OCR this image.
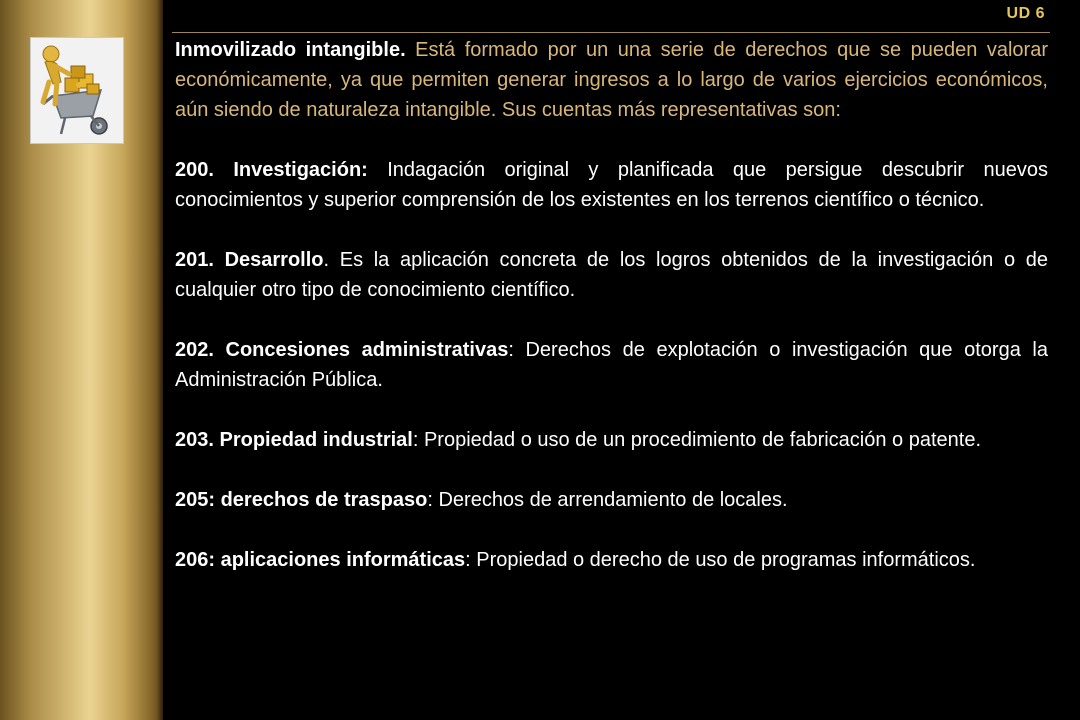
UD 6

Inmovilizado intangible. Está formado por un una serie de derechos que se pueden valorar económicamente, ya que permiten generar ingresos a lo largo de varios ejercicios económicos, aún siendo de naturaleza intangible. Sus cuentas más representativas son:

200. Investigación: Indagación original y planificada que persigue descubrir nuevos conocimientos y superior comprensión de los existentes en los terrenos científico o técnico.

201. Desarrollo. Es la aplicación concreta de los logros obtenidos de la investigación o de cualquier otro tipo de conocimiento científico.

202. Concesiones administrativas: Derechos de explotación o investigación que otorga la Administración Pública.

203. Propiedad industrial: Propiedad o uso de un procedimiento de fabricación o patente.

205: derechos de traspaso: Derechos de arrendamiento de locales.

206: aplicaciones informáticas: Propiedad o derecho de uso de programas informáticos.
